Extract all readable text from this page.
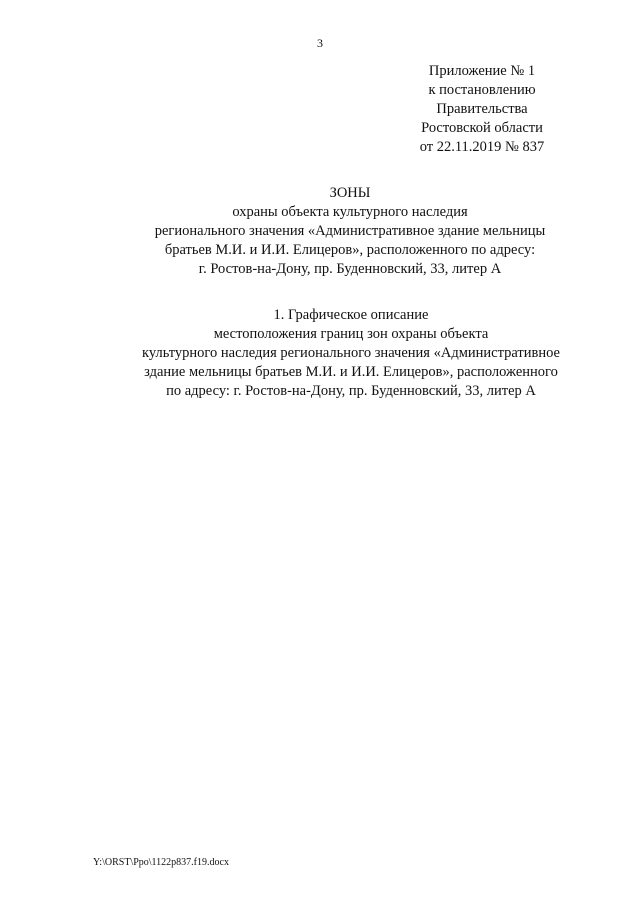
3
Приложение № 1
к постановлению
Правительства
Ростовской области
от 22.11.2019 № 837
ЗОНЫ
охраны объекта культурного наследия
регионального значения «Административное здание мельницы
братьев М.И. и И.И. Елицеров», расположенного по адресу:
г. Ростов-на-Дону, пр. Буденновский, 33, литер А
1. Графическое описание
местоположения границ зон охраны объекта
культурного наследия регионального значения «Административное
здание мельницы братьев М.И. и И.И. Елицеров», расположенного
по адресу: г. Ростов-на-Дону, пр. Буденновский, 33, литер А
Y:\ORST\Ppo\1122p837.f19.docx
